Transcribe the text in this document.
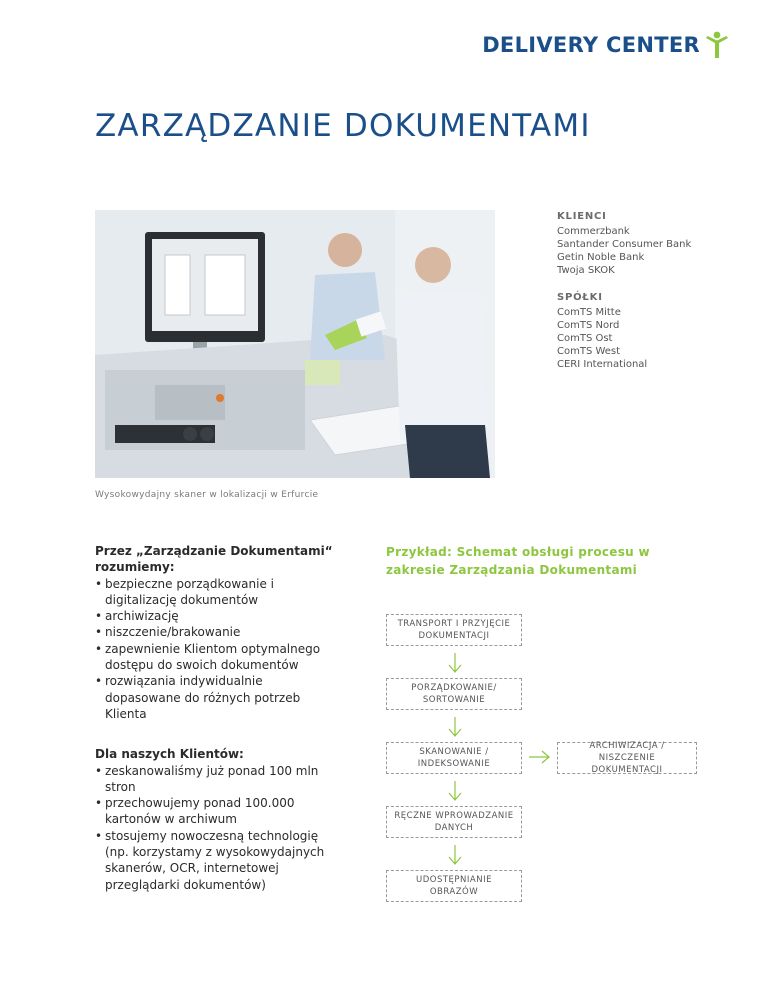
DELIVERY CENTER
ZARZĄDZANIE DOKUMENTAMI

Wysokowydajny skaner w lokalizacji w Erfurcie

KLIENCI

Commerzbank
Santander Consumer Bank
Getin Noble Bank
Twoja SKOK

SPÓŁKI

ComTS Mitte
ComTS Nord
ComTS Ost
ComTS West
CERI International

Przez „Zarządzanie Dokumentami“ rozumiemy:

• bezpieczne porządkowanie i digitalizację dokumentów
• archiwizację
• niszczenie/brakowanie
• zapewnienie Klientom optymalnego dostępu do swoich dokumentów
• rozwiązania indywidualnie dopasowane do różnych potrzeb Klienta

Dla naszych Klientów:

• zeskanowaliśmy już ponad 100 mln stron
• przechowujemy ponad 100.000 kartonów w archiwum
• stosujemy nowoczesną technologię (np. korzystamy z wysokowydajnych skanerów, OCR, internetowej przeglądarki dokumentów)

Przykład: Schemat obsługi procesu w zakresie Zarządzania Dokumentami

TRANSPORT I PRZYJĘCIE DOKUMENTACJI
PORZĄDKOWANIE/ SORTOWANIE
SKANOWANIE / INDEKSOWANIE
ARCHIWIZACJA / NISZCZENIE DOKUMENTACJI
RĘCZNE WPROWADZANIE DANYCH
UDOSTĘPNIANIE OBRAZÓW
